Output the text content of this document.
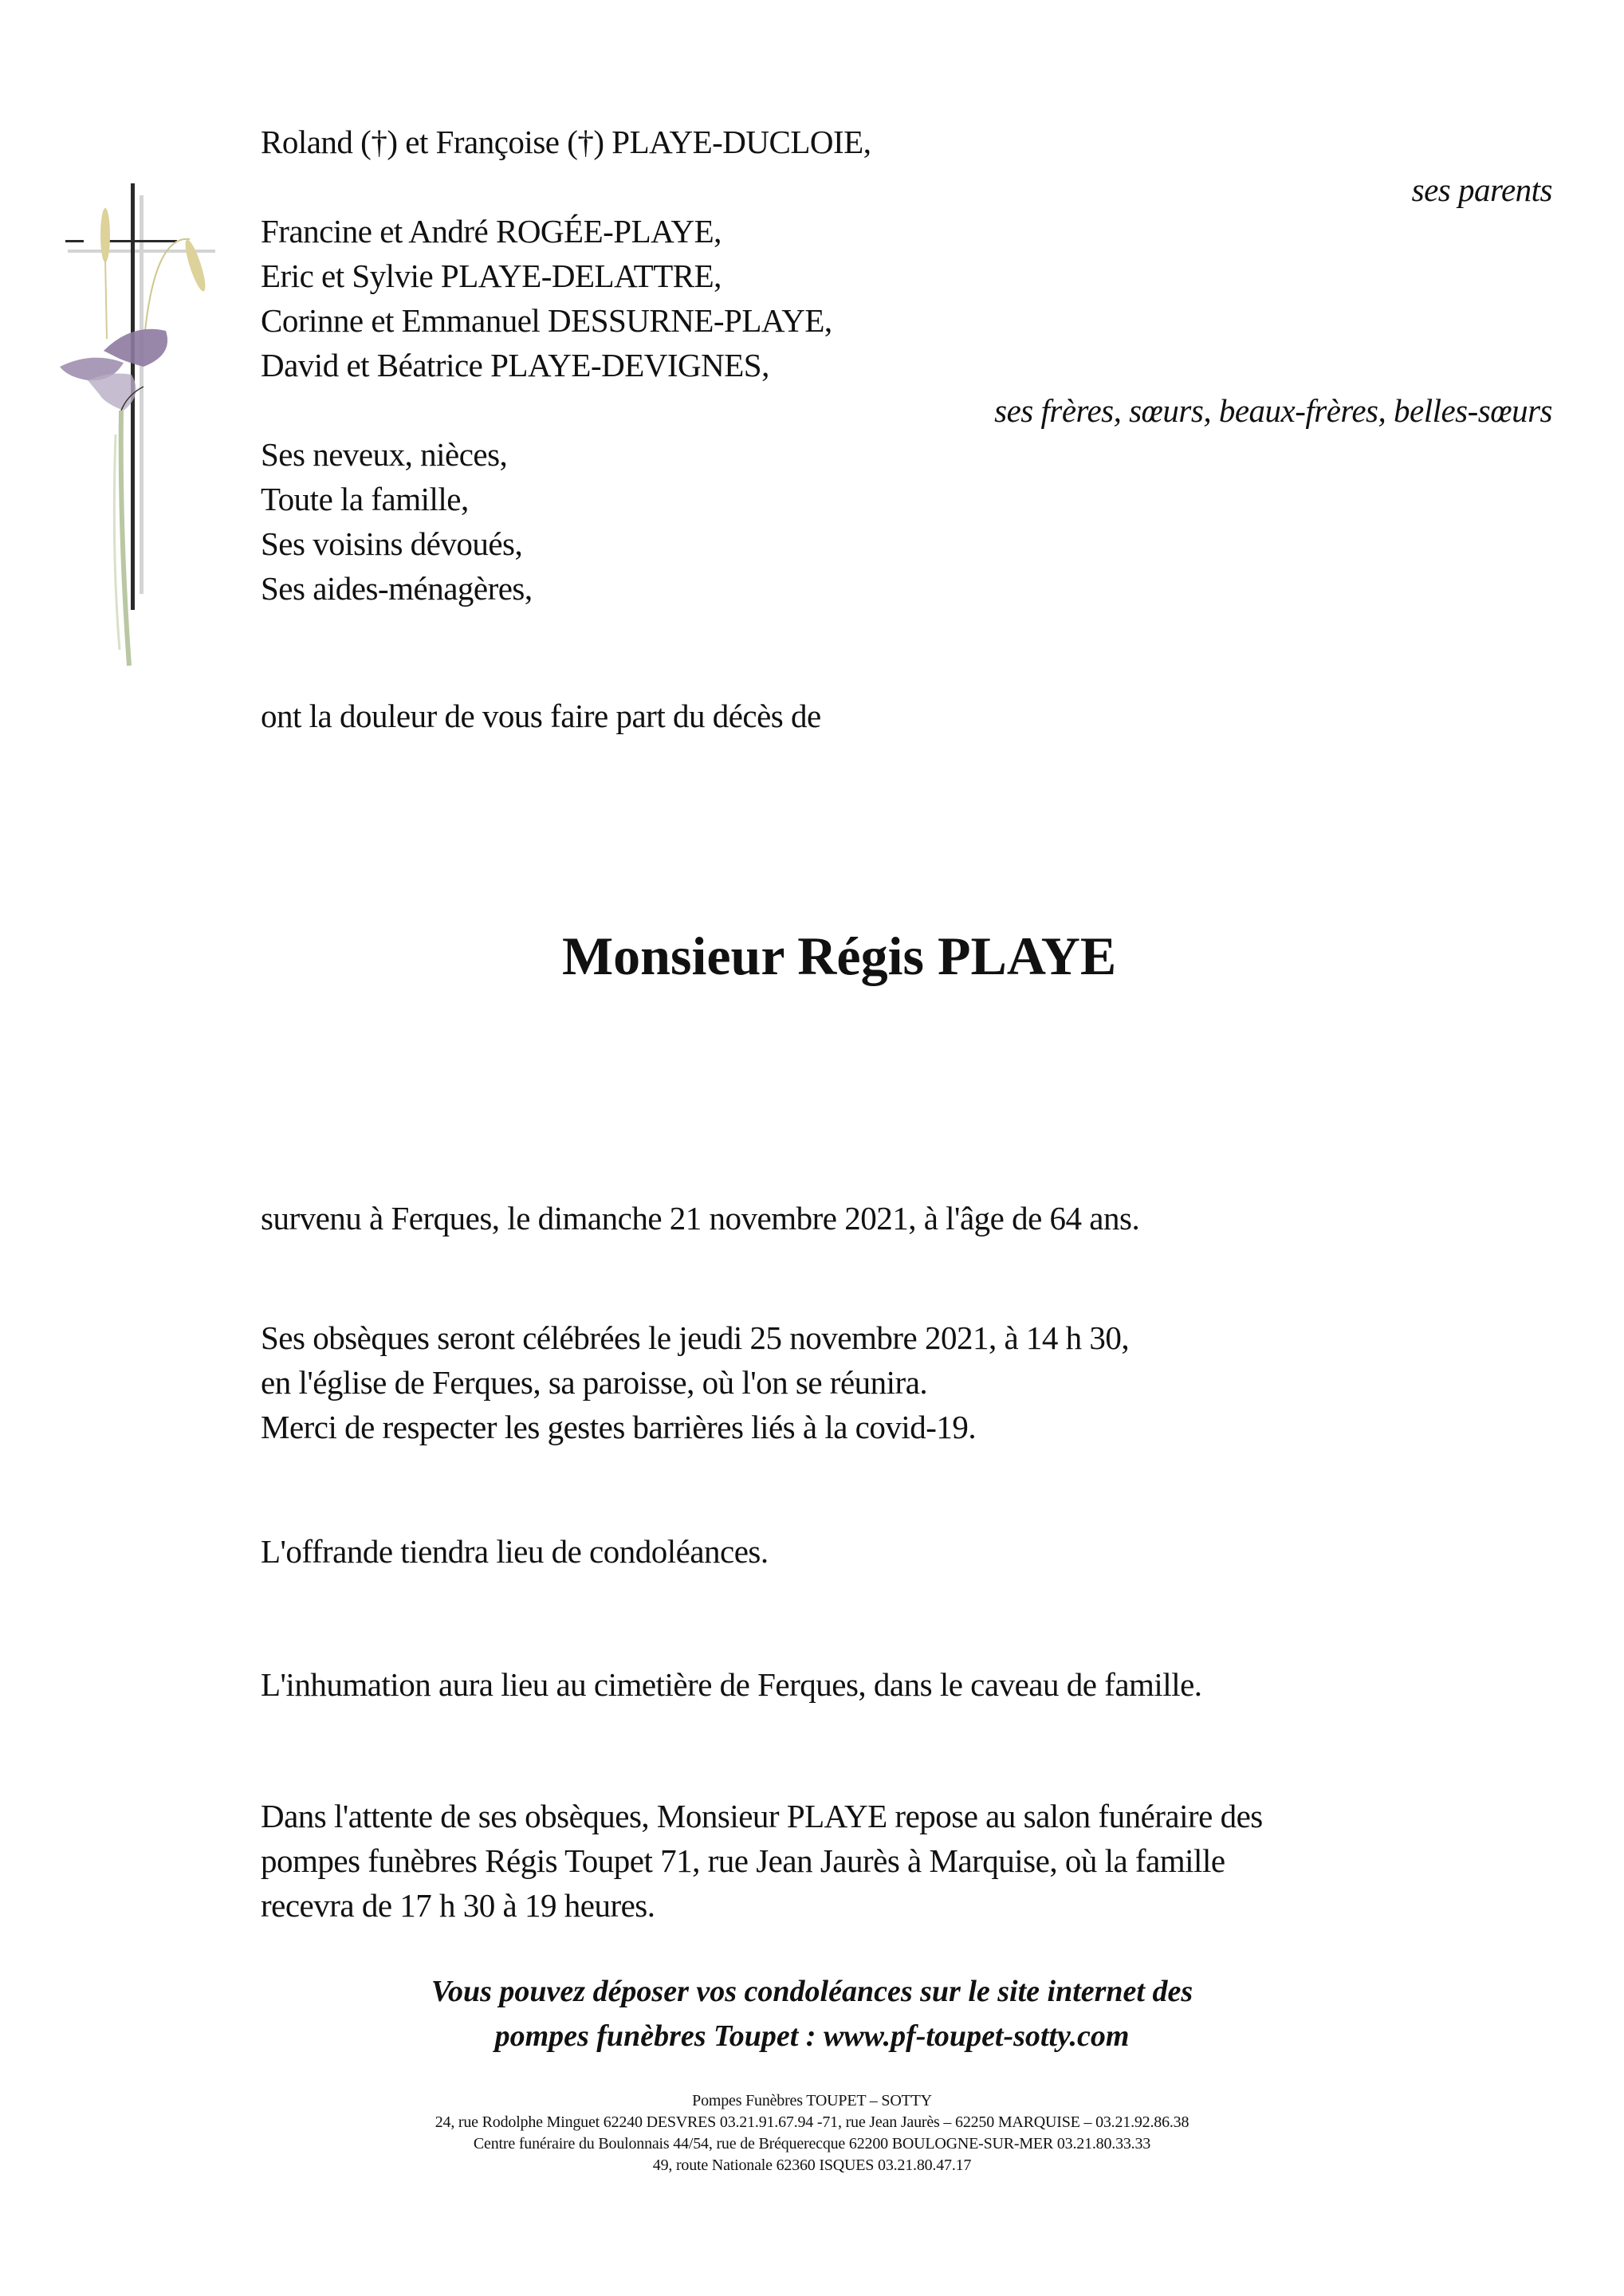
Roland (†) et Françoise (†) PLAYE-DUCLOIE,
ses parents
Francine et André ROGÉE-PLAYE,
Eric et Sylvie PLAYE-DELATTRE,
Corinne et Emmanuel DESSURNE-PLAYE,
David et Béatrice PLAYE-DEVIGNES,
ses frères, sœurs, beaux-frères, belles-sœurs
Ses neveux, nièces,
Toute la famille,
Ses voisins dévoués,
Ses aides-ménagères,
ont la douleur de vous faire part du décès de
Monsieur Régis PLAYE
survenu à Ferques, le dimanche 21 novembre 2021, à l'âge de 64 ans.
Ses obsèques seront célébrées le jeudi 25 novembre 2021, à 14 h 30,
en l'église de Ferques, sa paroisse, où l'on se réunira.
Merci de respecter les gestes barrières liés à la covid-19.
L'offrande tiendra lieu de condoléances.
L'inhumation aura lieu au cimetière de Ferques, dans le caveau de famille.
Dans l'attente de ses obsèques, Monsieur PLAYE repose au salon funéraire des
pompes funèbres Régis Toupet 71, rue Jean Jaurès à Marquise, où la famille
recevra de 17 h 30 à 19 heures.
Vous pouvez déposer vos condoléances sur le site internet des
pompes funèbres Toupet : www.pf-toupet-sotty.com
Pompes Funèbres TOUPET – SOTTY
24, rue Rodolphe Minguet 62240 DESVRES 03.21.91.67.94 -71, rue Jean Jaurès – 62250 MARQUISE – 03.21.92.86.38
Centre funéraire du Boulonnais 44/54, rue de Bréquerecque 62200 BOULOGNE-SUR-MER 03.21.80.33.33
49, route Nationale 62360 ISQUES 03.21.80.47.17
